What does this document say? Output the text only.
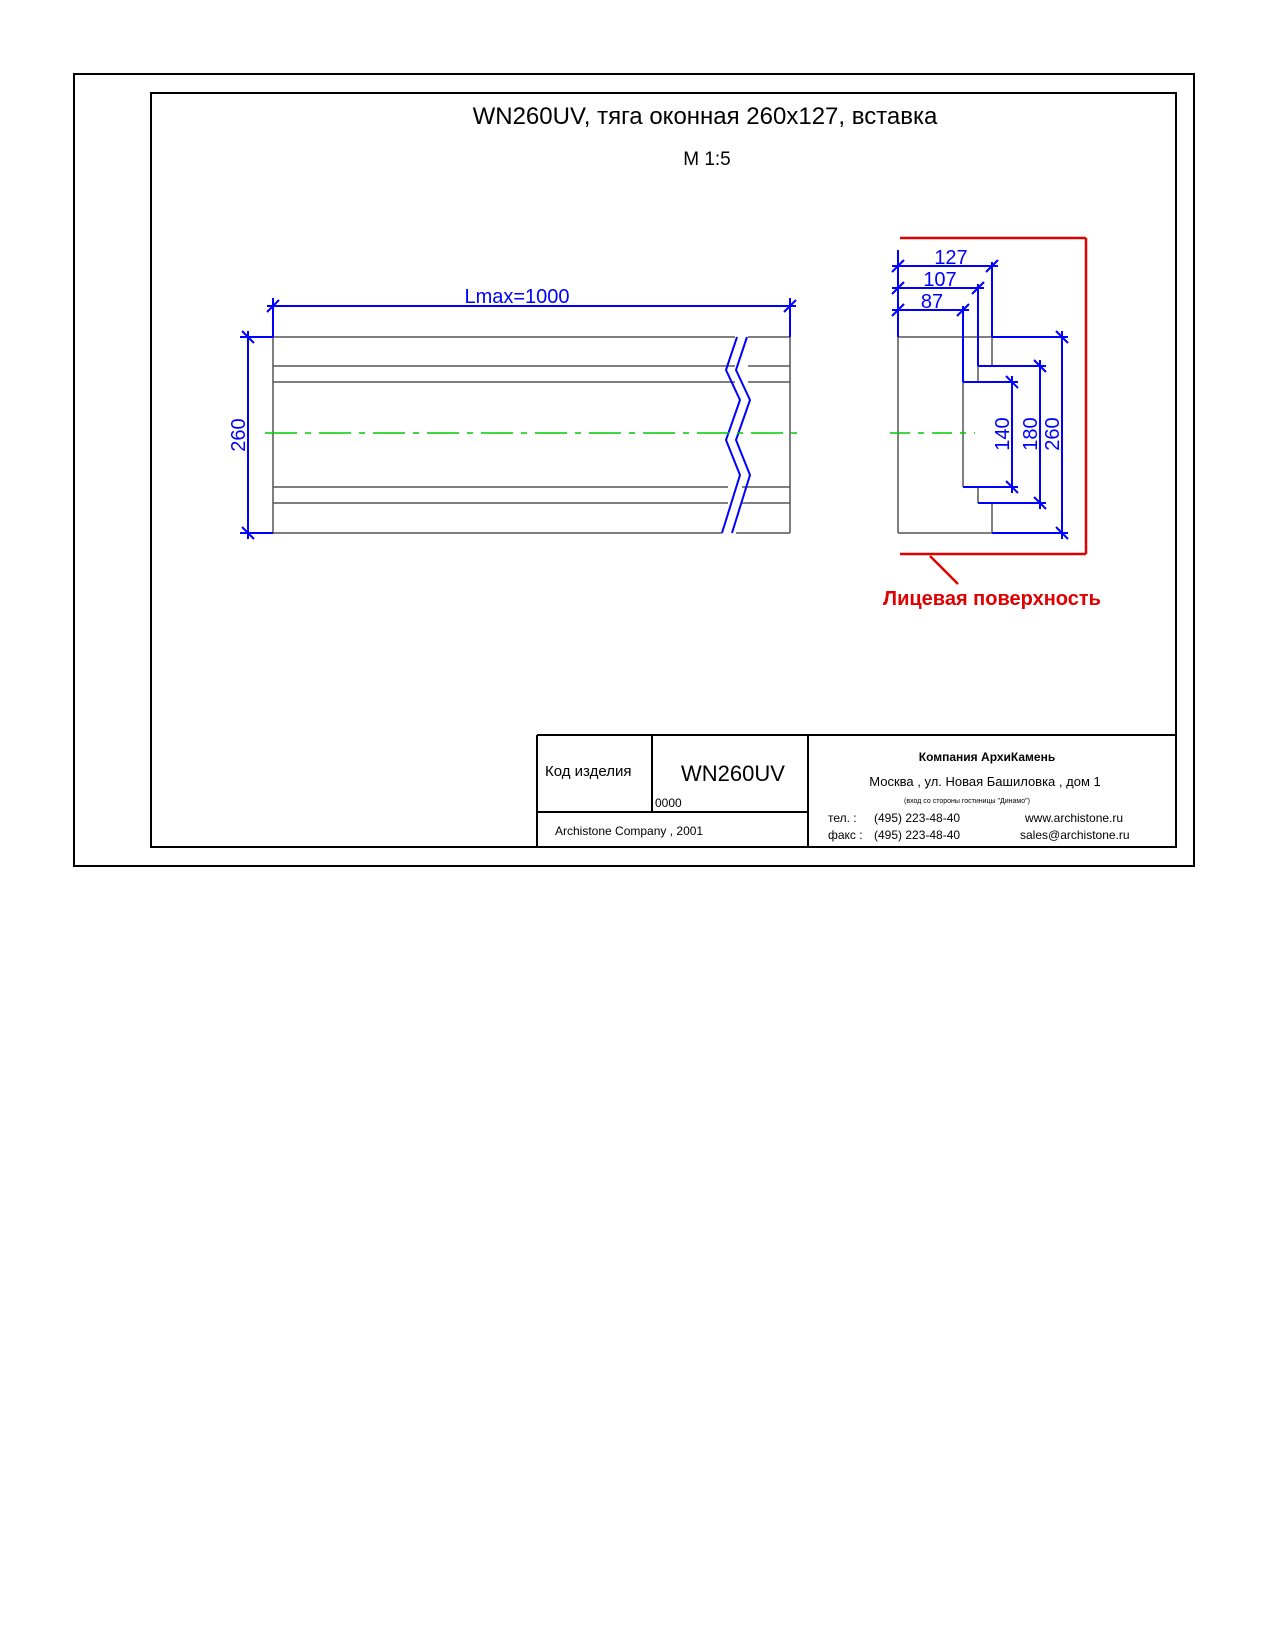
WN260UV, тяга оконная 260x127, вставка
М 1:5
Lmax=1000
260
Лицевая поверхность
127
107
87
140 180 260
Код изделия WN260UV
0000
Archistone Company , 2001
Компания АрхиКамень
Москва , ул. Новая Башиловка , дом 1
(вход со стороны гостиницы "Динамо")
тел. : (495) 223-48-40
факс : (495) 223-48-40
www.archistone.ru
sales@archistone.ru
